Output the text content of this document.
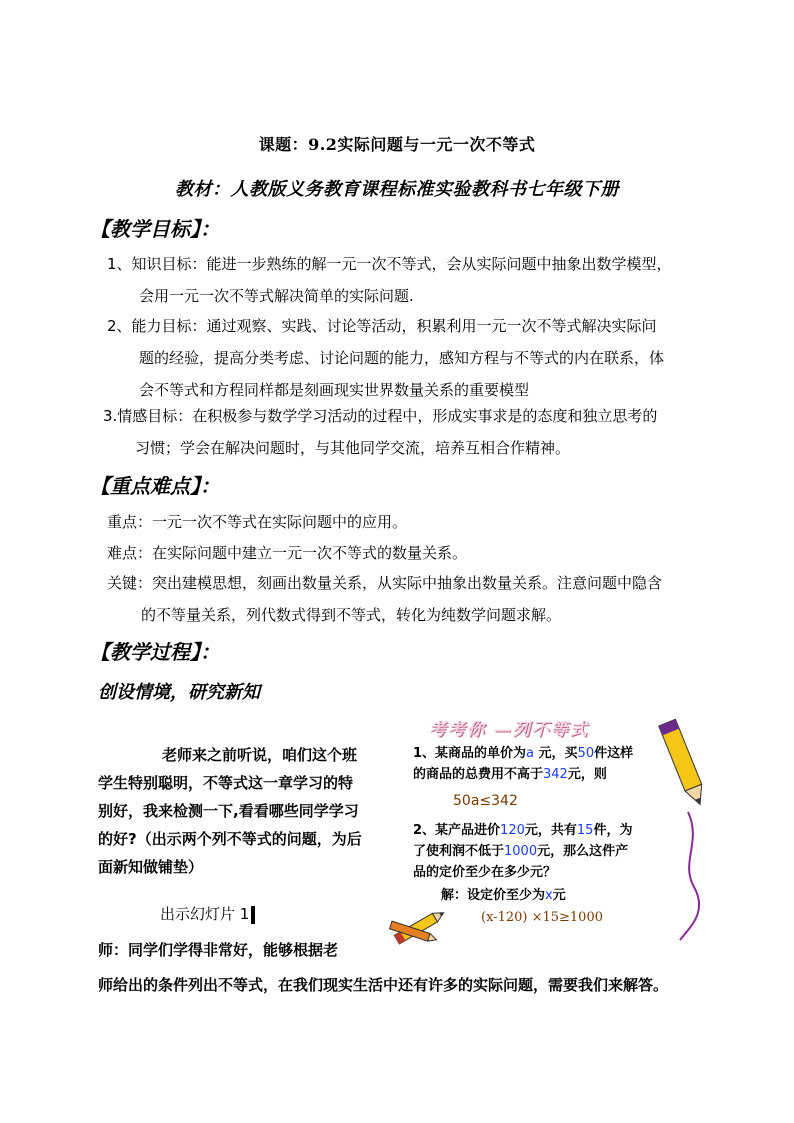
课题：9.2实际问题与一元一次不等式
教材：人教版义务教育课程标准实验教科书七年级下册
【教学目标】：
1、知识目标：能进一步熟练的解一元一次不等式，会从实际问题中抽象出数学模型，
会用一元一次不等式解决简单的实际问题.
2、能力目标：通过观察、实践、讨论等活动，积累利用一元一次不等式解决实际问
题的经验，提高分类考虑、讨论问题的能力，感知方程与不等式的内在联系，体
会不等式和方程同样都是刻画现实世界数量关系的重要模型
3.情感目标：在积极参与数学学习活动的过程中，形成实事求是的态度和独立思考的
习惯；学会在解决问题时，与其他同学交流，培养互相合作精神。
【重点难点】：
重点：一元一次不等式在实际问题中的应用。
难点：在实际问题中建立一元一次不等式的数量关系。
关键：突出建模思想，刻画出数量关系，从实际中抽象出数量关系。注意问题中隐含
的不等量关系，列代数式得到不等式，转化为纯数学问题求解。
【教学过程】：
创设情境，研究新知
老师来之前听说，咱们这个班
学生特别聪明，不等式这一章学习的特
别好，我来检测一下,看看哪些同学学习
的好?（出示两个列不等式的问题，为后
面新知做铺垫）
出示幻灯片 1
师：同学们学得非常好，能够根据老
师给出的条件列出不等式，在我们现实生活中还有许多的实际问题，需要我们来解答。
考考你 —列不等式
1、某商品的单价为a 元，买50件这样
的商品的总费用不高于342元，则
50a≤342
2、某产品进价120元，共有15件，为
了使利润不低于1000元，那么这件产
品的定价至少在多少元？
解：设定价至少为x元
(x-120) ×15≥1000
